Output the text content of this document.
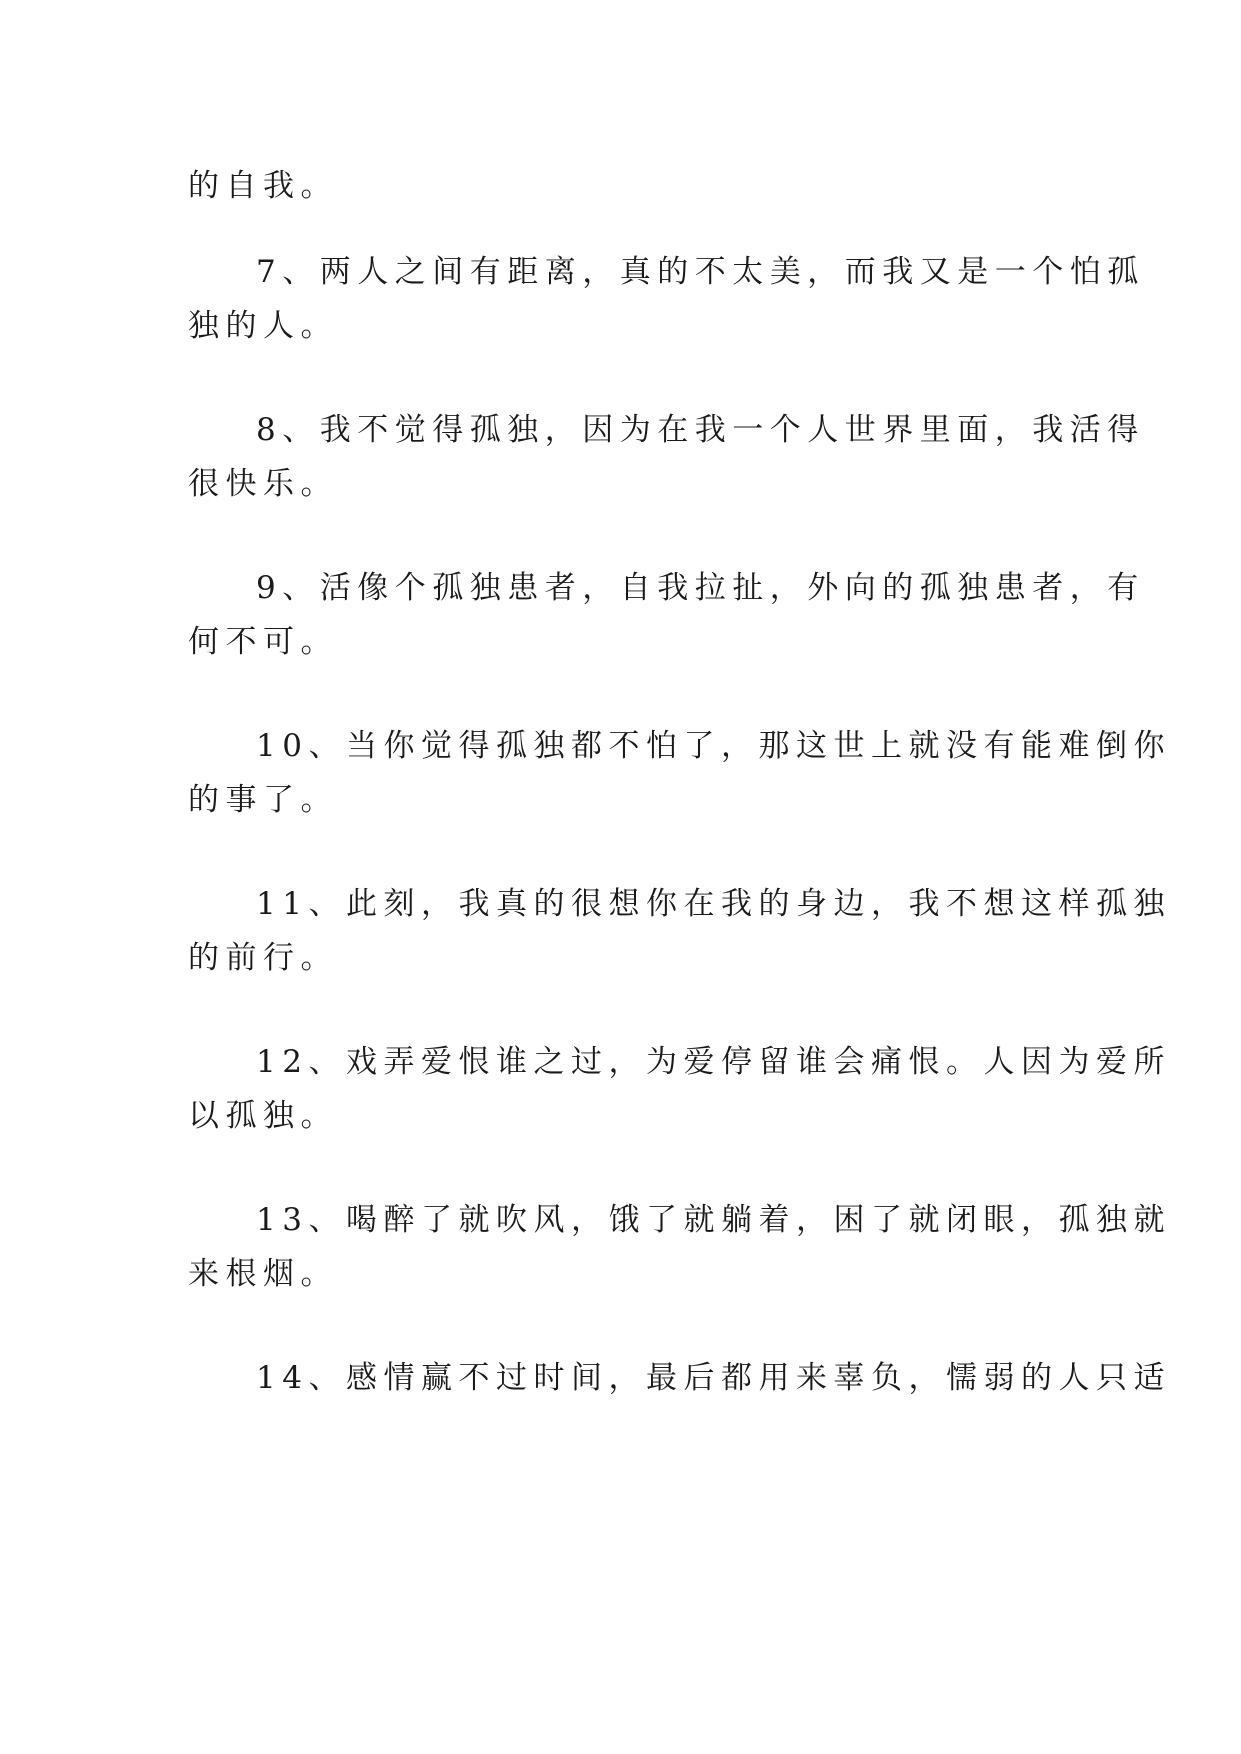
的自我。
7、两人之间有距离，真的不太美，而我又是一个怕孤
独的人。
8、我不觉得孤独，因为在我一个人世界里面，我活得
很快乐。
9、活像个孤独患者，自我拉扯，外向的孤独患者，有
何不可。
10、当你觉得孤独都不怕了，那这世上就没有能难倒你
的事了。
11、此刻，我真的很想你在我的身边，我不想这样孤独
的前行。
12、戏弄爱恨谁之过，为爱停留谁会痛恨。人因为爱所
以孤独。
13、喝醉了就吹风，饿了就躺着，困了就闭眼，孤独就
来根烟。
14、感情赢不过时间，最后都用来辜负，懦弱的人只适
